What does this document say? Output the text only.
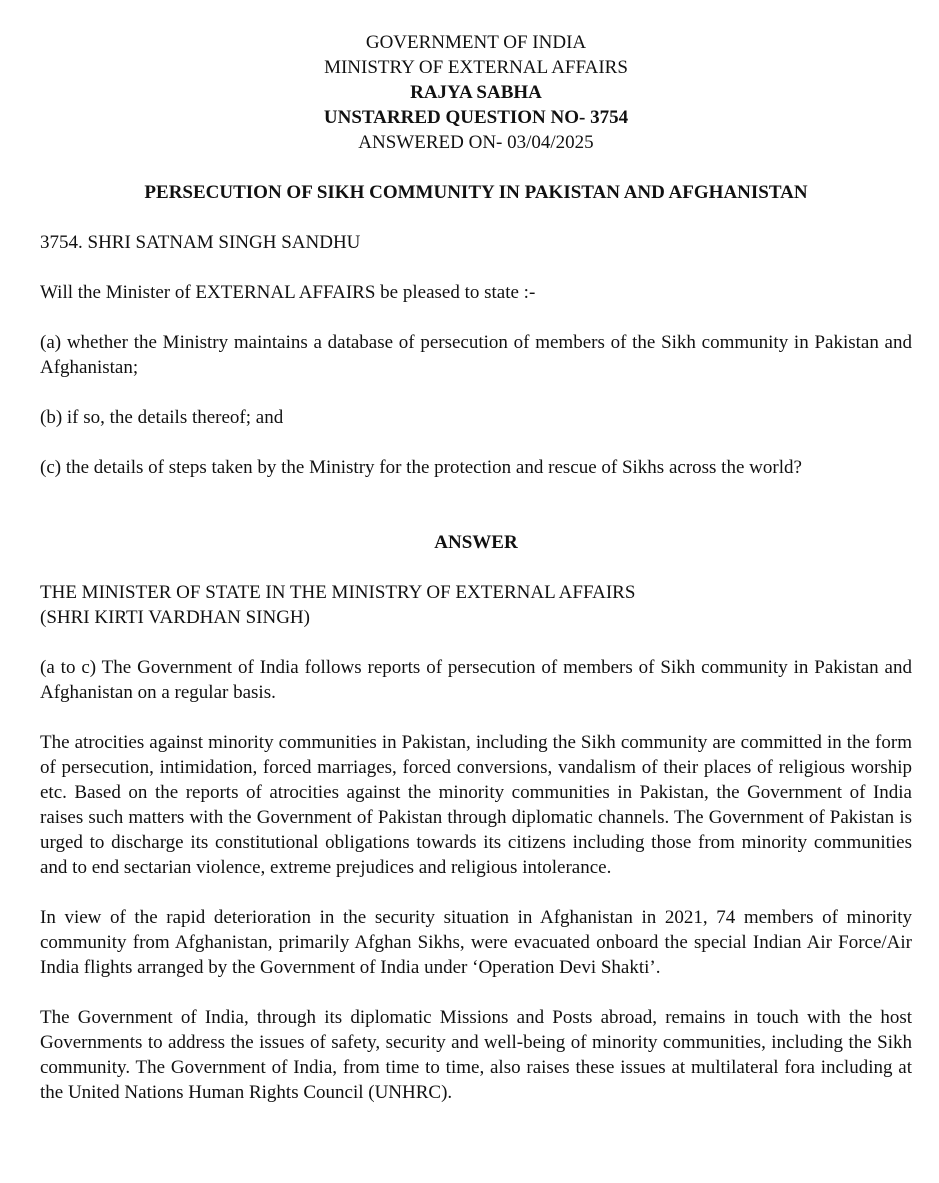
GOVERNMENT OF INDIA
MINISTRY OF EXTERNAL AFFAIRS
RAJYA SABHA
UNSTARRED QUESTION NO- 3754
ANSWERED ON- 03/04/2025
PERSECUTION OF SIKH COMMUNITY IN PAKISTAN AND AFGHANISTAN
3754. SHRI SATNAM SINGH SANDHU
Will the Minister of EXTERNAL AFFAIRS be pleased to state :-
(a) whether the Ministry maintains a database of persecution of members of the Sikh community in Pakistan and Afghanistan;
(b) if so, the details thereof; and
(c) the details of steps taken by the Ministry for the protection and rescue of Sikhs across the world?
ANSWER
THE MINISTER OF STATE IN THE MINISTRY OF EXTERNAL AFFAIRS
(SHRI KIRTI VARDHAN SINGH)
(a to c) The Government of India follows reports of persecution of members of Sikh community in Pakistan and Afghanistan on a regular basis.
The atrocities against minority communities in Pakistan, including the Sikh community are committed in the form of persecution, intimidation, forced marriages, forced conversions, vandalism of their places of religious worship etc. Based on the reports of atrocities against the minority communities in Pakistan, the Government of India raises such matters with the Government of Pakistan through diplomatic channels. The Government of Pakistan is urged to discharge its constitutional obligations towards its citizens including those from minority communities and to end sectarian violence, extreme prejudices and religious intolerance.
In view of the rapid deterioration in the security situation in Afghanistan in 2021, 74 members of minority community from Afghanistan, primarily Afghan Sikhs, were evacuated onboard the special Indian Air Force/Air India flights arranged by the Government of India under ‘Operation Devi Shakti’.
The Government of India, through its diplomatic Missions and Posts abroad, remains in touch with the host Governments to address the issues of safety, security and well-being of minority communities, including the Sikh community. The Government of India, from time to time, also raises these issues at multilateral fora including at the United Nations Human Rights Council (UNHRC).
